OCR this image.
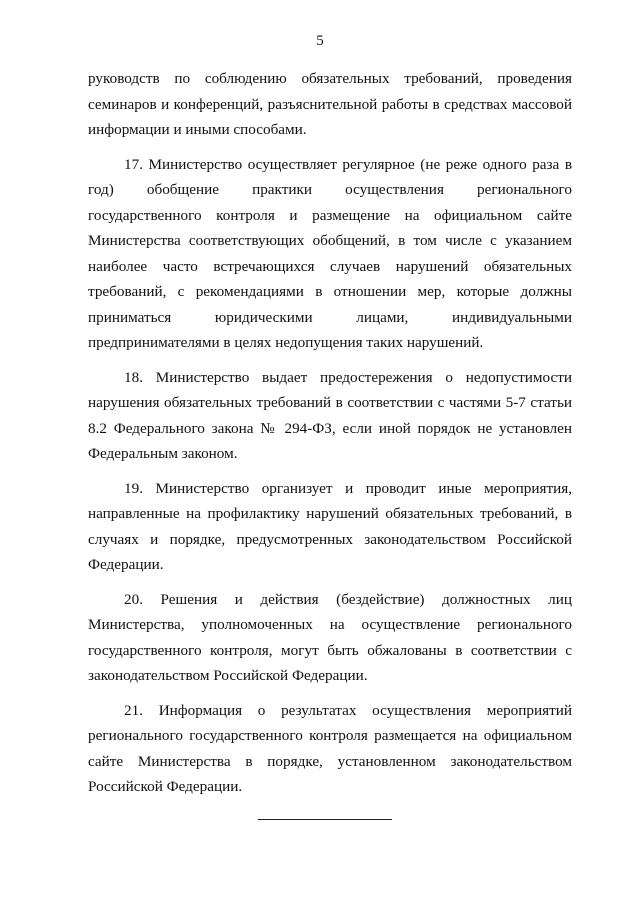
5

руководств по соблюдению обязательных требований, проведения семинаров и конференций, разъяснительной работы в средствах массовой информации и иными способами.

17. Министерство осуществляет регулярное (не реже одного раза в год) обобщение практики осуществления регионального государственного контроля и размещение на официальном сайте Министерства соответствующих обобщений, в том числе с указанием наиболее часто встречающихся случаев нарушений обязательных требований, с рекомендациями в отношении мер, которые должны приниматься юридическими лицами, индивидуальными предпринимателями в целях недопущения таких нарушений.

18. Министерство выдает предостережения о недопустимости нарушения обязательных требований в соответствии с частями 5-7 статьи 8.2 Федерального закона № 294-ФЗ, если иной порядок не установлен Федеральным законом.

19. Министерство организует и проводит иные мероприятия, направленные на профилактику нарушений обязательных требований, в случаях и порядке, предусмотренных законодательством Российской Федерации.

20. Решения и действия (бездействие) должностных лиц Министерства, уполномоченных на осуществление регионального государственного контроля, могут быть обжалованы в соответствии с законодательством Российской Федерации.

21. Информация о результатах осуществления мероприятий регионального государственного контроля размещается на официальном сайте Министерства в порядке, установленном законодательством Российской Федерации.
